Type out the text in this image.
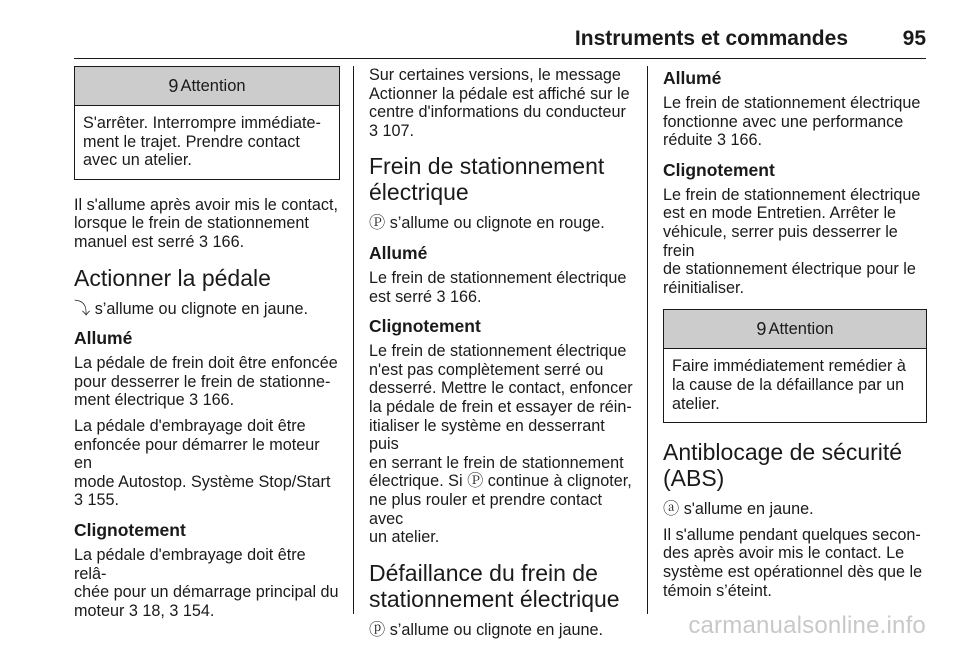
Instruments et commandes	95
9 Attention
S'arrêter. Interrompre immédiate-
ment le trajet. Prendre contact
avec un atelier.

Il s'allume après avoir mis le contact,
lorsque le frein de stationnement
manuel est serré 3 166.

Actionner la pédale

⤵ s’allume ou clignote en jaune.

Allumé

La pédale de frein doit être enfoncée
pour desserrer le frein de stationne-
ment électrique 3 166.

La pédale d'embrayage doit être
enfoncée pour démarrer le moteur en
mode Autostop. Système Stop/Start
3 155.

Clignotement

La pédale d'embrayage doit être relâ-
chée pour un démarrage principal du
moteur 3 18, 3 154.

Sur certaines versions, le message
Actionner la pédale est affiché sur le
centre d'informations du conducteur
3 107.

Frein de stationnement
électrique

Ⓟ s’allume ou clignote en rouge.

Allumé

Le frein de stationnement électrique
est serré 3 166.

Clignotement

Le frein de stationnement électrique
n'est pas complètement serré ou
desserré. Mettre le contact, enfoncer
la pédale de frein et essayer de réin-
itialiser le système en desserrant puis
en serrant le frein de stationnement
électrique. Si Ⓟ continue à clignoter,
ne plus rouler et prendre contact avec
un atelier.

Défaillance du frein de
stationnement électrique

ⓟ s’allume ou clignote en jaune.

Allumé

Le frein de stationnement électrique
fonctionne avec une performance
réduite 3 166.

Clignotement

Le frein de stationnement électrique
est en mode Entretien. Arrêter le
véhicule, serrer puis desserrer le frein
de stationnement électrique pour le
réinitialiser.

9 Attention
Faire immédiatement remédier à
la cause de la défaillance par un
atelier.
Antiblocage de sécurité
(ABS)

ⓐ s'allume en jaune.

Il s'allume pendant quelques secon-
des après avoir mis le contact. Le
système est opérationnel dès que le
témoin s’éteint.

carmanualsonline.info
